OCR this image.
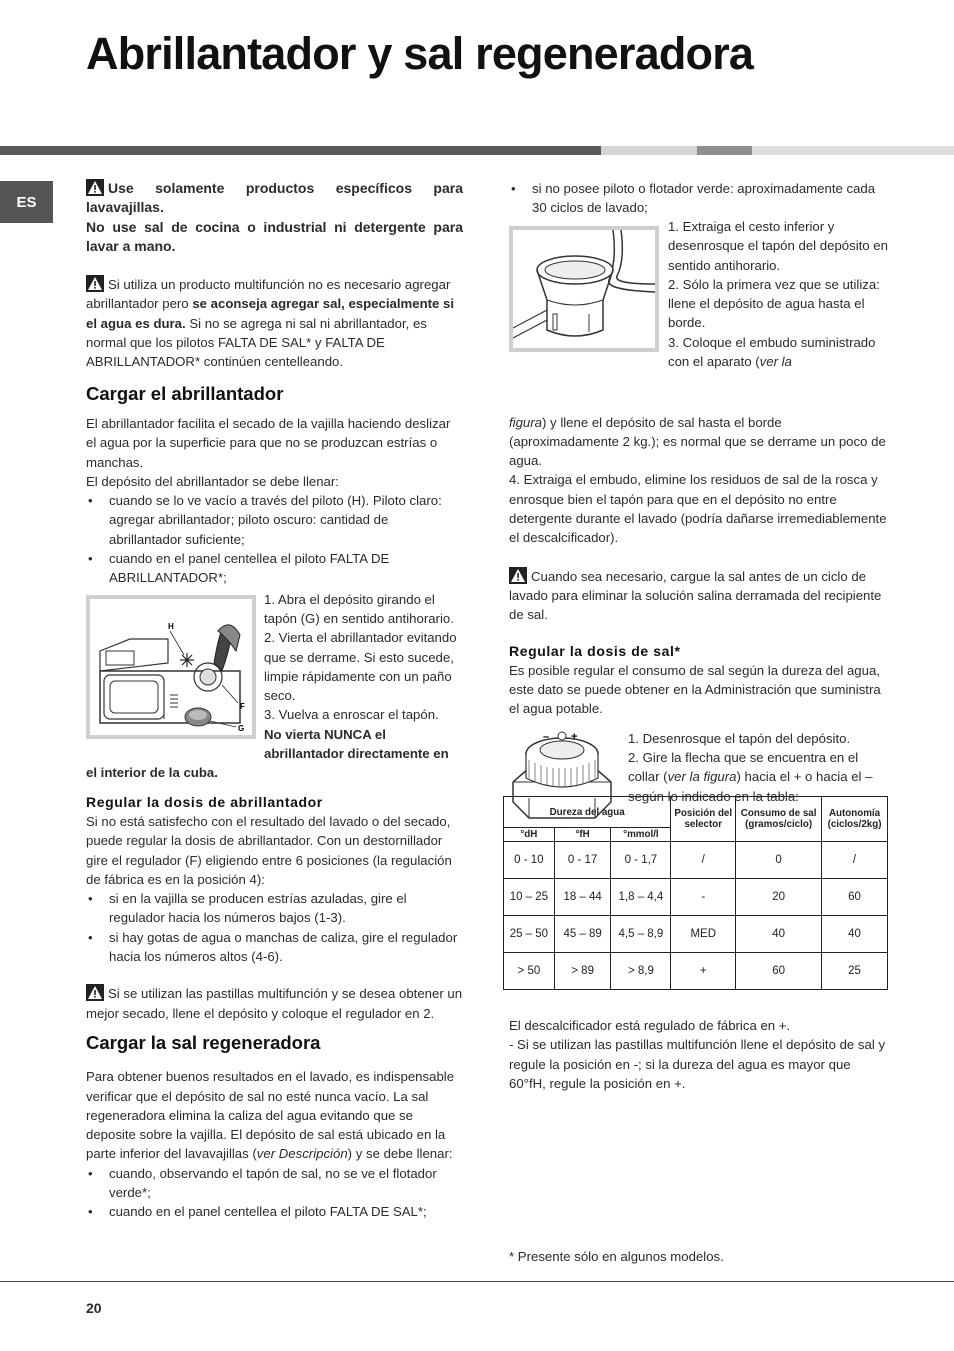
Abrillantador y sal regeneradora
ES

Use solamente productos específicos para lavavajillas.
No use sal de cocina o industrial ni detergente para lavar a mano.

Si utiliza un producto multifunción no es necesario agregar abrillantador pero se aconseja agregar sal, especialmente si el agua es dura. Si no se agrega ni sal ni abrillantador, es normal que los pilotos FALTA DE SAL* y FALTA DE ABRILLANTADOR* continúen centelleando.

Cargar el abrillantador

El abrillantador facilita el secado de la vajilla haciendo deslizar el agua por la superficie para que no se produzcan estrías o manchas.

El depósito del abrillantador se debe llenar:

• cuando se lo ve vacío a través del piloto (H). Piloto claro: agregar abrillantador; piloto oscuro: cantidad de abrillantador suficiente;
• cuando en el panel centellea el piloto FALTA DE ABRILLANTADOR*;
H
F
G

1. Abra el depósito girando el tapón (G) en sentido antihorario.

2. Vierta el abrillantador evitando que se derrame. Si esto sucede, limpie rápidamente con un paño seco.

3. Vuelva a enroscar el tapón.

No vierta NUNCA el abrillantador directamente en

el interior de la cuba.

Regular la dosis de abrillantador

Si no está satisfecho con el resultado del lavado o del secado, puede regular la dosis de abrillantador. Con un destornillador gire el regulador (F) eligiendo entre 6 posiciones (la regulación de fábrica es en la posición 4):

• si en la vajilla se producen estrías azuladas, gire el regulador hacia los números bajos (1-3).
• si hay gotas de agua o manchas de caliza, gire el regulador hacia los números altos (4-6).

Si se utilizan las pastillas multifunción y se desea obtener un mejor secado, llene el depósito y coloque el regulador en 2.

Cargar la sal regeneradora

Para obtener buenos resultados en el lavado, es indispensable verificar que el depósito de sal no esté nunca vacío. La sal regeneradora elimina la caliza del agua evitando que se deposite sobre la vajilla. El depósito de sal está ubicado en la parte inferior del lavavajillas (ver Descripción) y se debe llenar:

• cuando, observando el tapón de sal, no se ve el flotador verde*;
• cuando en el panel centellea el piloto FALTA DE SAL*;
• si no posee piloto o flotador verde: aproximadamente cada 30 ciclos de lavado;

1. Extraiga el cesto inferior y desenrosque el tapón del depósito en sentido antihorario.

2. Sólo la primera vez que se utiliza: llene el depósito de agua hasta el borde.

3. Coloque el embudo suministrado con el aparato (ver la

figura) y llene el depósito de sal hasta el borde (aproximadamente 2 kg.); es normal que se derrame un poco de agua.

4. Extraiga el embudo, elimine los residuos de sal de la rosca y enrosque bien el tapón para que en el depósito no entre detergente durante el lavado (podría dañarse irremediablemente el descalcificador).

Cuando sea necesario, cargue la sal antes de un ciclo de lavado para eliminar la solución salina derramada del recipiente de sal.

Regular la dosis de sal*

Es posible regular el consumo de sal según la dureza del agua, este dato se puede obtener en la Administración que suministra el agua potable.

– +	1. Desenrosque el tapón del depósito.

2. Gire la flecha que se encuentra en el collar (ver la figura) hacia el + o hacia el – según lo indicado en la tabla:

Dureza del agua			Posición del selector	Consumo de sal (gramos/ciclo)	Autonomía (ciclos/2kg)
°dH	°fH	°mmol/l			
0 - 10	0 - 17	0 - 1,7	/	0	/
10 – 25	18 – 44	1,8 – 4,4	-	20	60
25 – 50	45 – 89	4,5 – 8,9	MED	40	40
> 50	> 89	> 8,9	+	60	25

El descalcificador está regulado de fábrica en +.

- Si se utilizan las pastillas multifunción llene el depósito de sal y regule la posición en -; si la dureza del agua es mayor que 60°fH, regule la posición en +.

* Presente sólo en algunos modelos.
20
